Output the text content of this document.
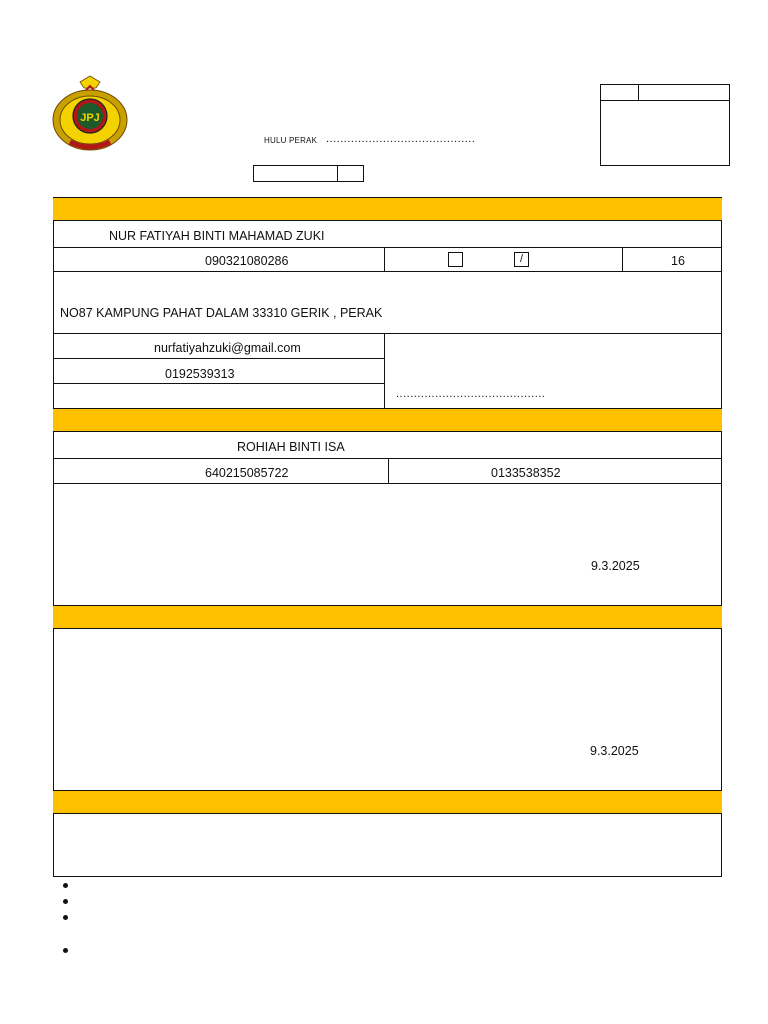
JPJ
HULU PERAK ..........................................
NUR FATIYAH BINTI MAHAMAD ZUKI
090321080286	/	16
NO87 KAMPUNG PAHAT DALAM 33310 GERIK , PERAK
nurfatiyahzuki@gmail.com
0192539313
..........................................
ROHIAH BINTI ISA
640215085722	0133538352
9.3.2025
9.3.2025
